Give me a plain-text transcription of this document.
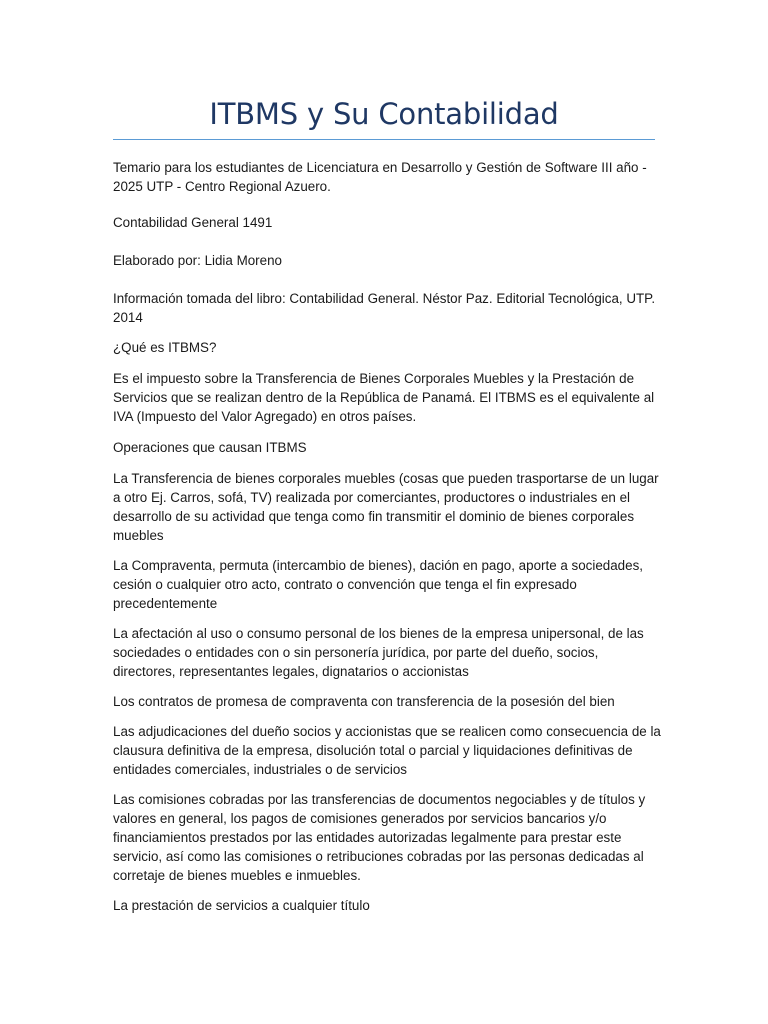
ITBMS y Su Contabilidad

Temario para los estudiantes de Licenciatura en Desarrollo y Gestión de Software III año - 2025 UTP - Centro Regional Azuero.

Contabilidad General 1491

Elaborado por: Lidia Moreno

Información tomada del libro: Contabilidad General. Néstor Paz. Editorial Tecnológica, UTP. 2014

¿Qué es ITBMS?

Es el impuesto sobre la Transferencia de Bienes Corporales Muebles y la Prestación de Servicios que se realizan dentro de la República de Panamá. El ITBMS es el equivalente al IVA (Impuesto del Valor Agregado) en otros países.

Operaciones que causan ITBMS

La Transferencia de bienes corporales muebles (cosas que pueden trasportarse de un lugar a otro Ej. Carros, sofá, TV) realizada por comerciantes, productores o industriales en el desarrollo de su actividad que tenga como fin transmitir el dominio de bienes corporales muebles

La Compraventa, permuta (intercambio de bienes), dación en pago, aporte a sociedades, cesión o cualquier otro acto, contrato o convención que tenga el fin expresado precedentemente

La afectación al uso o consumo personal de los bienes de la empresa unipersonal, de las sociedades o entidades con o sin personería jurídica, por parte del dueño, socios, directores, representantes legales, dignatarios o accionistas

Los contratos de promesa de compraventa con transferencia de la posesión del bien

Las adjudicaciones del dueño socios y accionistas que se realicen como consecuencia de la clausura definitiva de la empresa, disolución total o parcial y liquidaciones definitivas de entidades comerciales, industriales o de servicios

Las comisiones cobradas por las transferencias de documentos negociables y de títulos y valores en general, los pagos de comisiones generados por servicios bancarios y/o financiamientos prestados por las entidades autorizadas legalmente para prestar este servicio, así como las comisiones o retribuciones cobradas por las personas dedicadas al corretaje de bienes muebles e inmuebles.

La prestación de servicios a cualquier título
